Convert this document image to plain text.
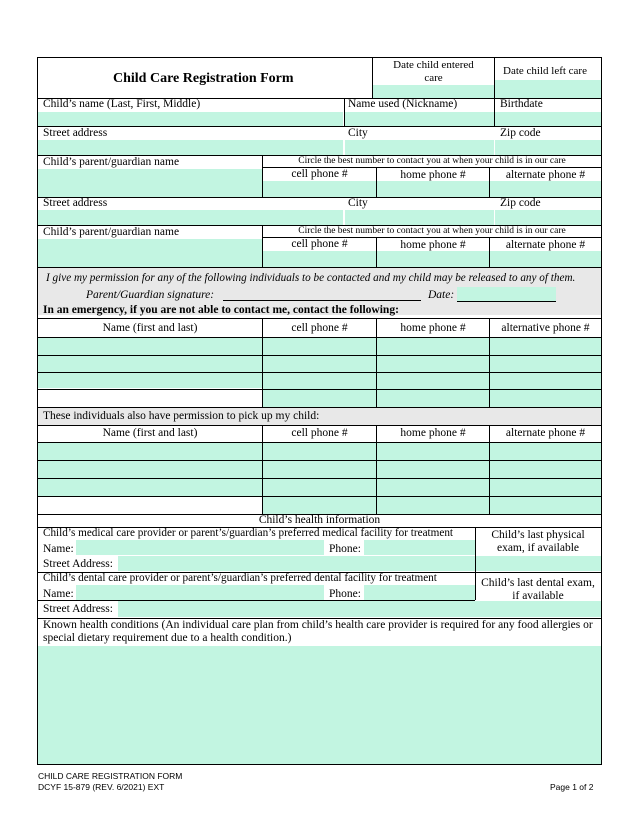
Child Care Registration Form
Date child entered care
Date child left care
Child’s name (Last, First, Middle)	Name used (Nickname)	Birthdate
Street address	City	Zip code
Child’s parent/guardian name	Circle the best number to contact you at when your child is in our care
cell phone #	home phone #	alternate phone #
Street address	City	Zip code
Child’s parent/guardian name	Circle the best number to contact you at when your child is in our care
cell phone #	home phone #	alternate phone #
I give my permission for any of the following individuals to be contacted and my child may be released to any of them.
Parent/Guardian signature:	Date:
In an emergency, if you are not able to contact me, contact the following:
Name (first and last)	cell phone #	home phone #	alternative phone #
These individuals also have permission to pick up my child:
Name (first and last)	cell phone #	home phone #	alternate phone #
Child’s health information
Child’s medical care provider or parent’s/guardian’s preferred medical facility for treatment
Name:	Phone:
Street Address:
Child’s last physical exam, if available
Child’s dental care provider or parent’s/guardian’s preferred dental facility for treatment
Name:	Phone:
Street Address:
Child’s last dental exam, if available
Known health conditions (An individual care plan from child’s health care provider is required for any food allergies or special dietary requirement due to a health condition.)
CHILD CARE REGISTRATION FORM
DCYF 15-879 (REV. 6/2021) EXT	Page 1 of 2
